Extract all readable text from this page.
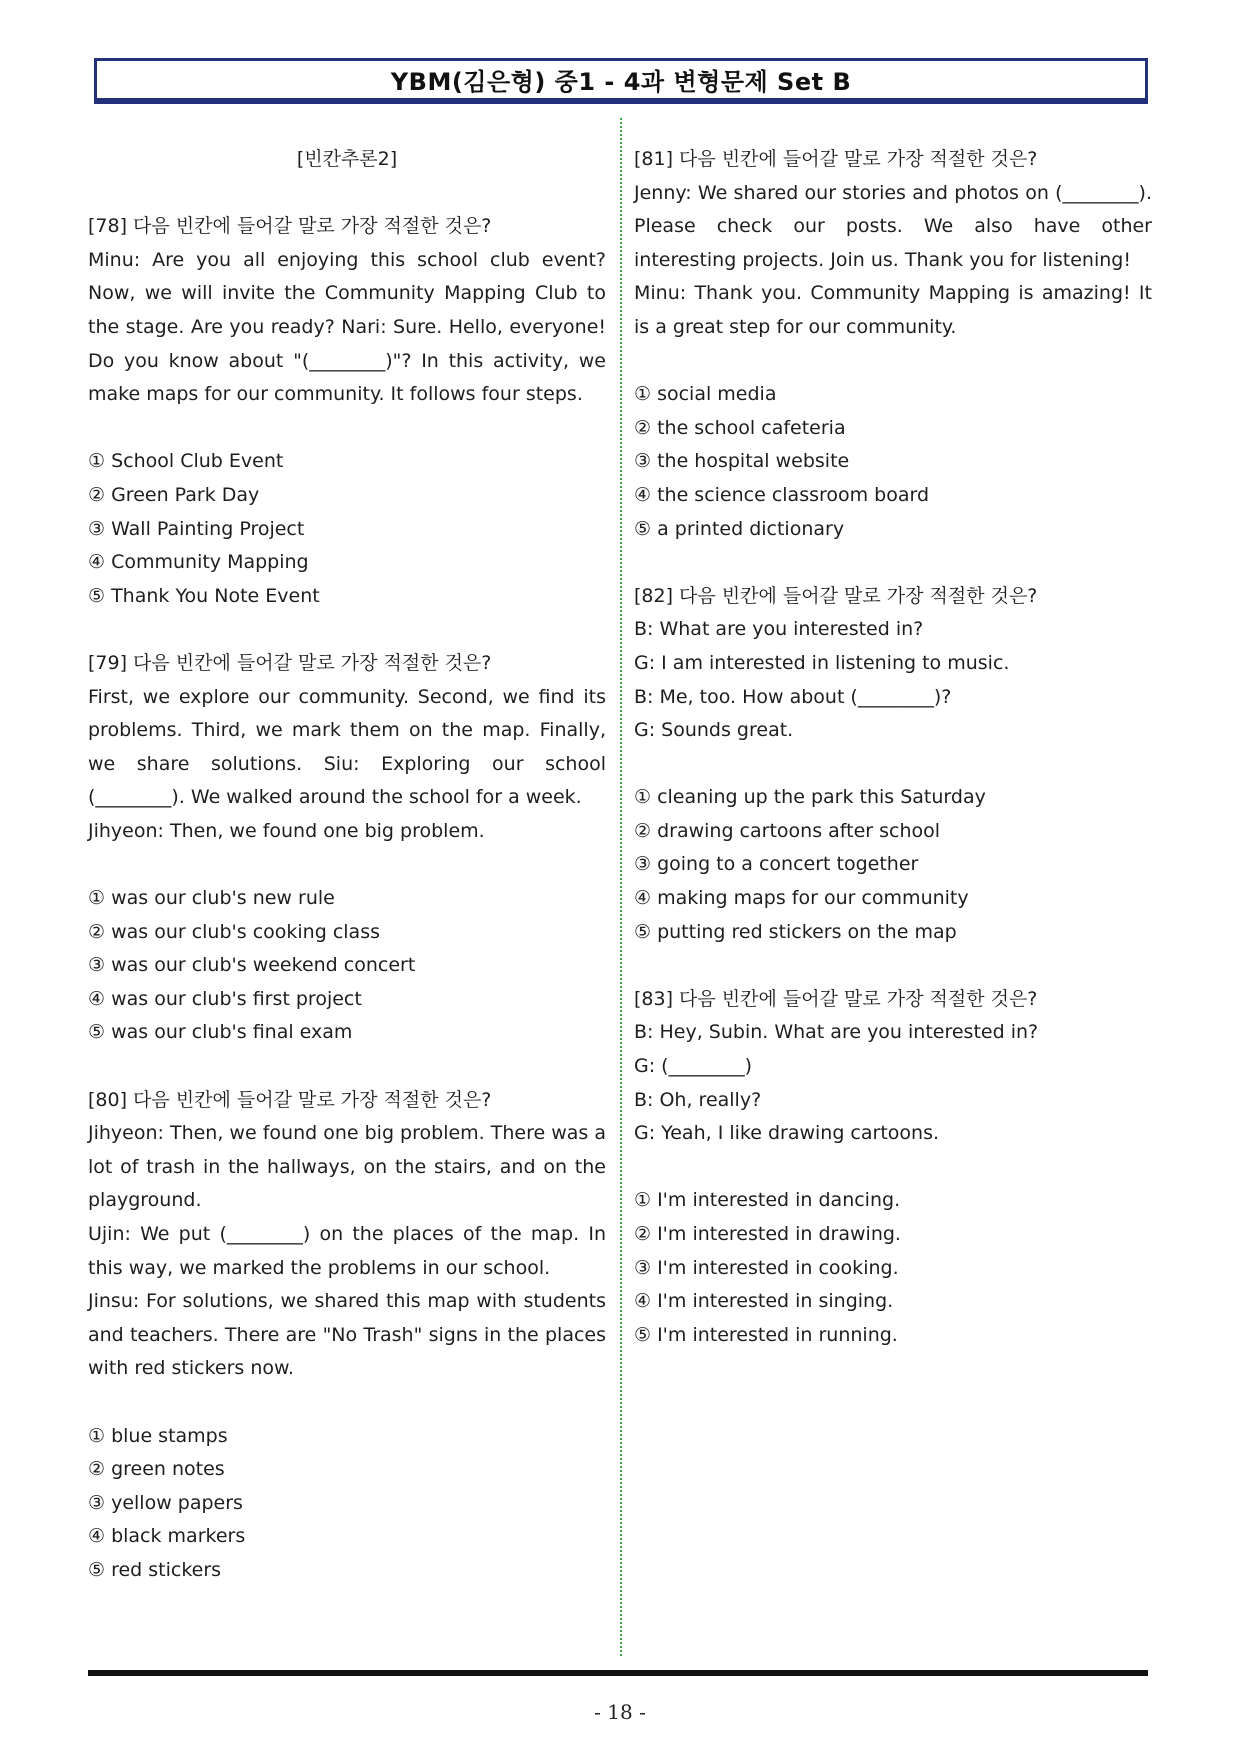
YBM(김은형) 중1 - 4과 변형문제 Set B

[빈칸추론2]

[78] 다음 빈칸에 들어갈 말로 가장 적절한 것은?

Minu: Are you all enjoying this school club event? Now, we will invite the Community Mapping Club to the stage. Are you ready? Nari: Sure. Hello, everyone! Do you know about "(________)"? In this activity, we make maps for our community. It follows four steps.

① School Club Event

② Green Park Day

③ Wall Painting Project

④ Community Mapping

⑤ Thank You Note Event

[79] 다음 빈칸에 들어갈 말로 가장 적절한 것은?

First, we explore our community. Second, we find its problems. Third, we mark them on the map. Finally, we share solutions. Siu: Exploring our school (________). We walked around the school for a week.

Jihyeon: Then, we found one big problem.

① was our club's new rule

② was our club's cooking class

③ was our club's weekend concert

④ was our club's first project

⑤ was our club's final exam

[80] 다음 빈칸에 들어갈 말로 가장 적절한 것은?

Jihyeon: Then, we found one big problem. There was a lot of trash in the hallways, on the stairs, and on the playground.

Ujin: We put (________) on the places of the map. In this way, we marked the problems in our school.

Jinsu: For solutions, we shared this map with students and teachers. There are "No Trash" signs in the places with red stickers now.

① blue stamps

② green notes

③ yellow papers

④ black markers

⑤ red stickers

[81] 다음 빈칸에 들어갈 말로 가장 적절한 것은?

Jenny: We shared our stories and photos on (________). Please check our posts. We also have other interesting projects. Join us. Thank you for listening!

Minu: Thank you. Community Mapping is amazing! It is a great step for our community.

① social media

② the school cafeteria

③ the hospital website

④ the science classroom board

⑤ a printed dictionary

[82] 다음 빈칸에 들어갈 말로 가장 적절한 것은?

B: What are you interested in?

G: I am interested in listening to music.

B: Me, too. How about (________)?

G: Sounds great.

① cleaning up the park this Saturday

② drawing cartoons after school

③ going to a concert together

④ making maps for our community

⑤ putting red stickers on the map

[83] 다음 빈칸에 들어갈 말로 가장 적절한 것은?

B: Hey, Subin. What are you interested in?

G: (________)

B: Oh, really?

G: Yeah, I like drawing cartoons.

① I'm interested in dancing.

② I'm interested in drawing.

③ I'm interested in cooking.

④ I'm interested in singing.

⑤ I'm interested in running.

- 18 -
